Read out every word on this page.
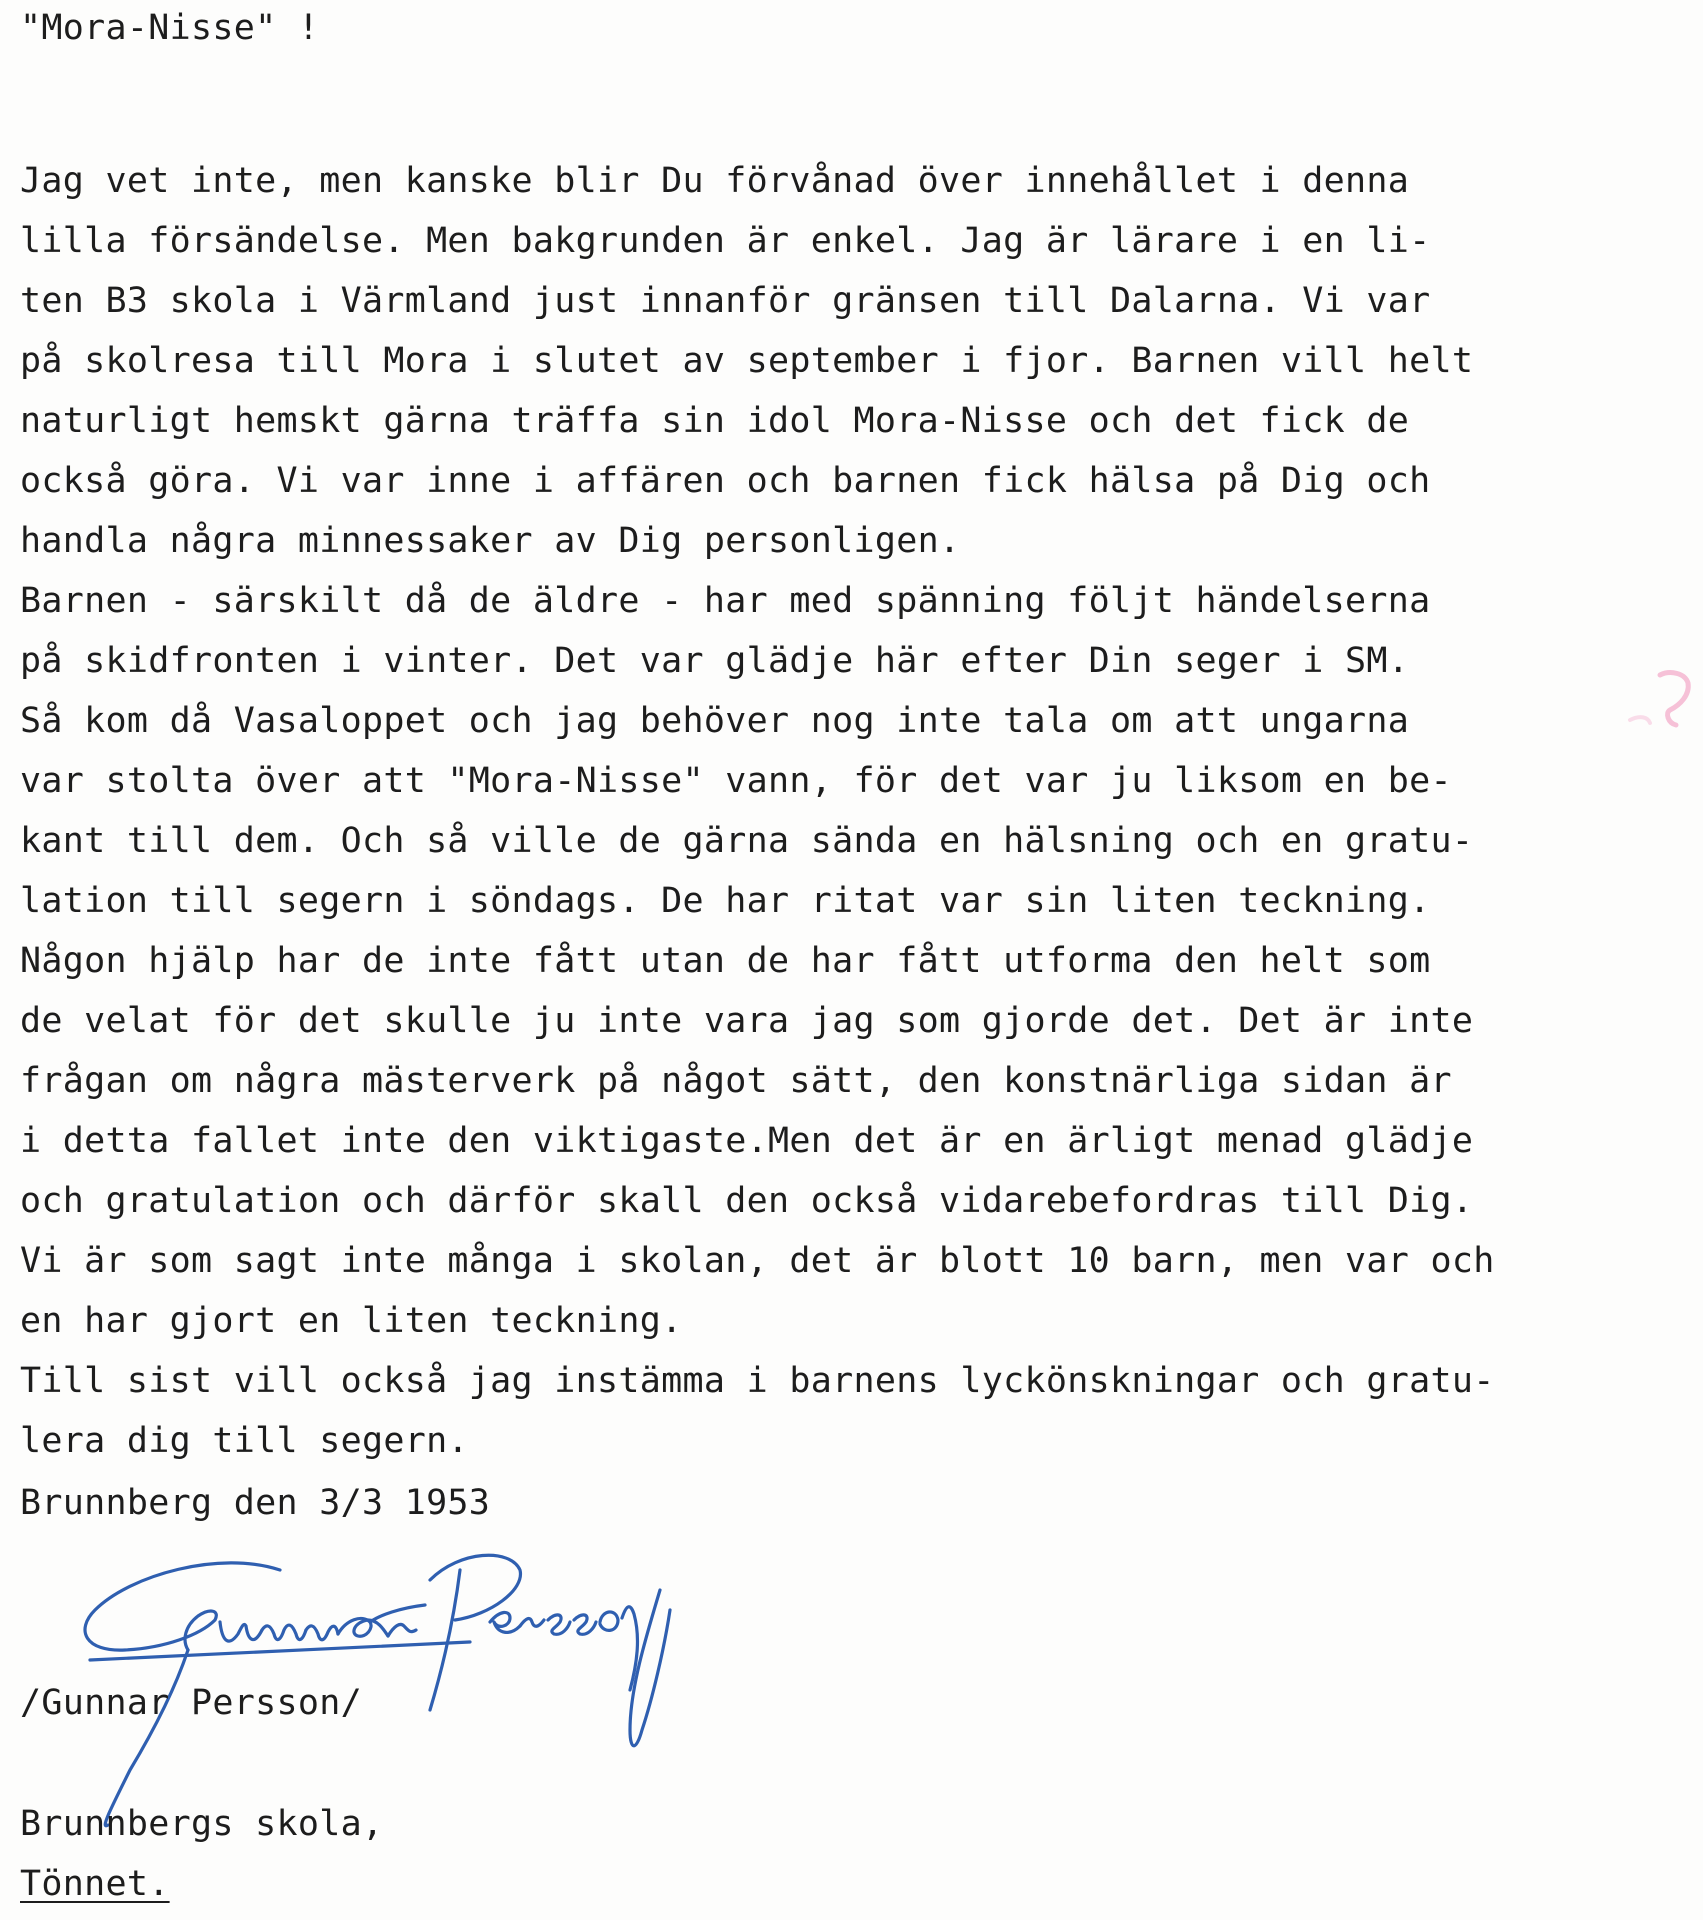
"Mora-Nisse" !

Jag vet inte, men kanske blir Du förvånad över innehållet i denna

lilla försändelse. Men bakgrunden är enkel. Jag är lärare i en li-

ten B3 skola i Värmland just innanför gränsen till Dalarna. Vi var

på skolresa till Mora i slutet av september i fjor. Barnen vill helt

naturligt hemskt gärna träffa sin idol Mora-Nisse och det fick de

också göra. Vi var inne i affären och barnen fick hälsa på Dig och

handla några minnessaker av Dig personligen.

Barnen - särskilt då de äldre - har med spänning följt händelserna

på skidfronten i vinter. Det var glädje här efter Din seger i SM.

Så kom då Vasaloppet och jag behöver nog inte tala om att ungarna

var stolta över att "Mora-Nisse" vann, för det var ju liksom en be-

kant till dem. Och så ville de gärna sända en hälsning och en gratu-

lation till segern i söndags. De har ritat var sin liten teckning.

Någon hjälp har de inte fått utan de har fått utforma den helt som

de velat för det skulle ju inte vara jag som gjorde det. Det är inte

frågan om några mästerverk på något sätt, den konstnärliga sidan är

i detta fallet inte den viktigaste.Men det är en ärligt menad glädje

och gratulation och därför skall den också vidarebefordras till Dig.

Vi är som sagt inte många i skolan, det är blott 10 barn, men var och

en har gjort en liten teckning.

Till sist vill också jag instämma i barnens lyckönskningar och gratu-

lera dig till segern.

Brunnberg den 3/3 1953

/Gunnar Persson/

Brunnbergs skola,

Tönnet.
